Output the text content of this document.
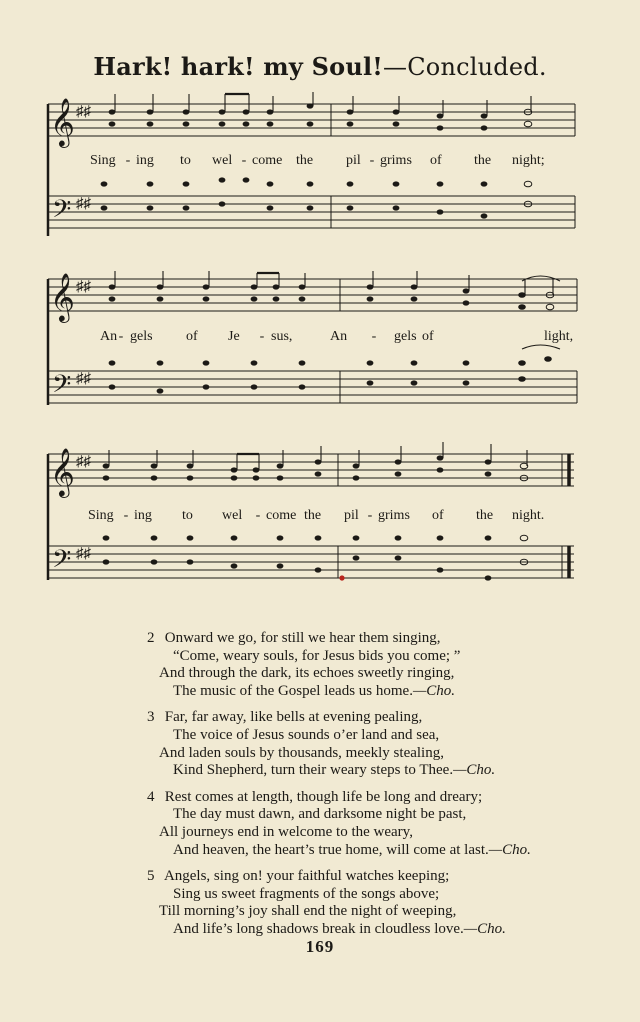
Hark! hark! my Soul!—Concluded.
𝄞
𝄢
♯♯
♯♯
Sing - ing to wel - come the pil - grims of the night;
𝄞
𝄢
♯♯
♯♯
An - gels of Je - sus,	An - gels of	light,
𝄞
𝄢
♯♯
♯♯
Sing - ing to wel - come the pil - grims of the night.
2 Onward we go, for still we hear them singing,
“Come, weary souls, for Jesus bids you come; ”
And through the dark, its echoes sweetly ringing,
The music of the Gospel leads us home.—Cho.
3 Far, far away, like bells at evening pealing,
The voice of Jesus sounds o’er land and sea,
And laden souls by thousands, meekly stealing,
Kind Shepherd, turn their weary steps to Thee.—Cho.
4 Rest comes at length, though life be long and dreary;
The day must dawn, and darksome night be past,
All journeys end in welcome to the weary,
And heaven, the heart’s true home, will come at last.—Cho.
5 Angels, sing on! your faithful watches keeping;
Sing us sweet fragments of the songs above;
Till morning’s joy shall end the night of weeping,
And life’s long shadows break in cloudless love.—Cho.
169
